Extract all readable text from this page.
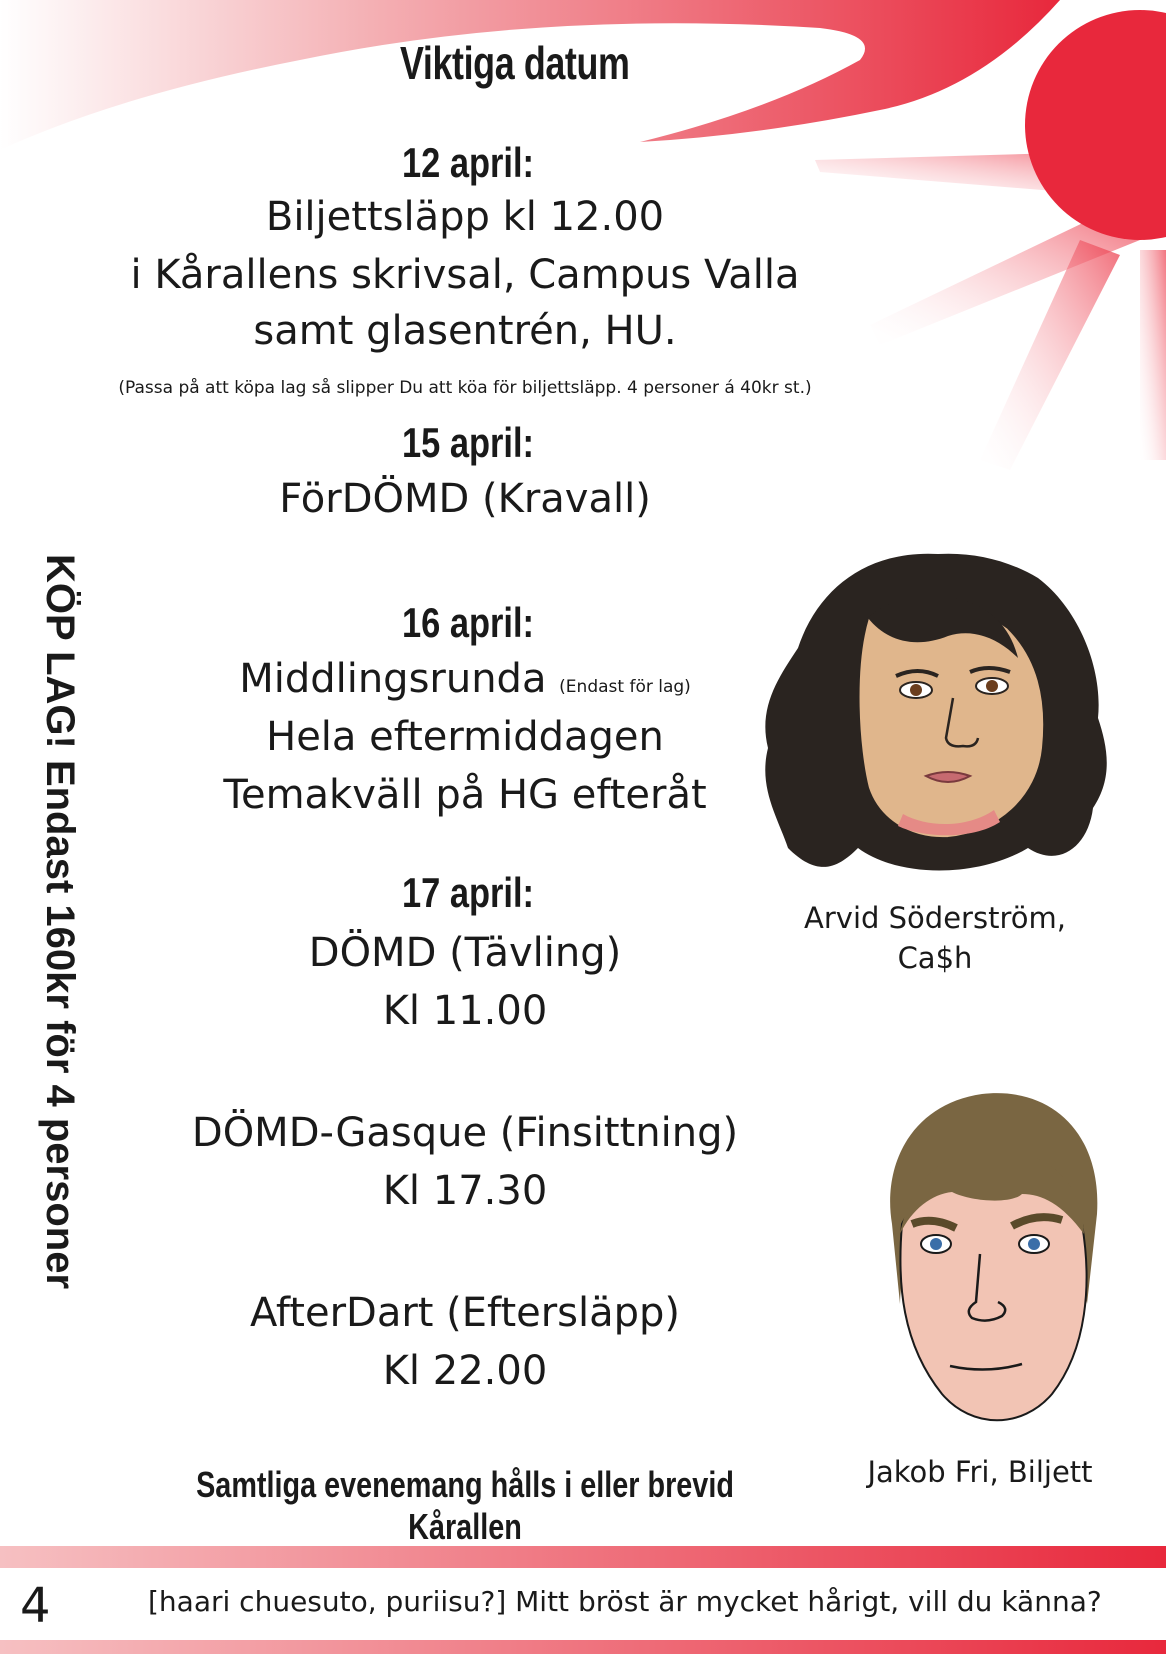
Viktiga datum
12 april:
Biljettsläpp kl 12.00
i Kårallens skrivsal, Campus Valla
samt glasentrén, HU.
(Passa på att köpa lag så slipper Du att köa för biljettsläpp. 4 personer á 40kr st.)
15 april:
FörDÖMD (Kravall)
16 april:
Middlingsrunda (Endast för lag)
Hela eftermiddagen
Temakväll på HG efteråt
17 april:
DÖMD (Tävling)
Kl 11.00
DÖMD-Gasque (Finsittning)
Kl 17.30
AfterDart (Eftersläpp)
Kl 22.00
KÖP LAG! Endast 160kr för 4 personer	Arvid Söderström,
Ca$h
Jakob Fri, Biljett
Samtliga evenemang hålls i eller brevid Kårallen
4	[haari chuesuto, puriisu?] Mitt bröst är mycket hårigt, vill du känna?
